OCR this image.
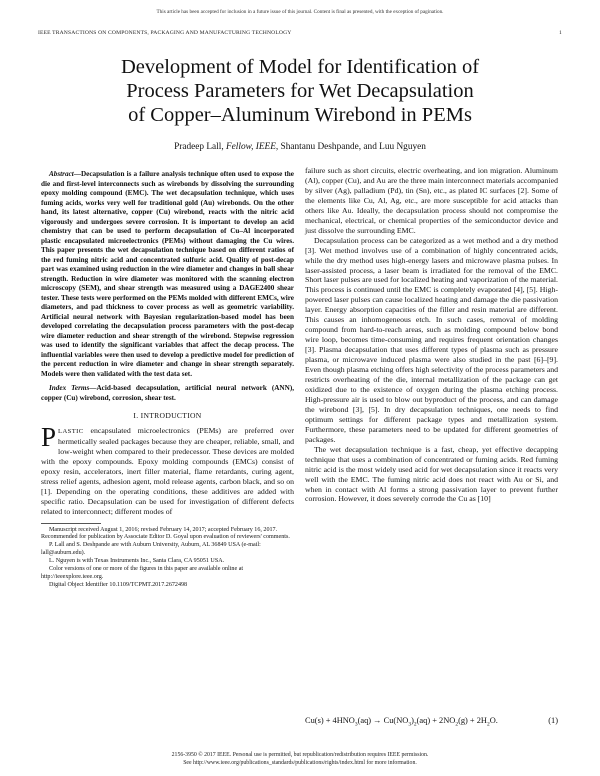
This article has been accepted for inclusion in a future issue of this journal. Content is final as presented, with the exception of pagination.
IEEE TRANSACTIONS ON COMPONENTS, PACKAGING AND MANUFACTURING TECHNOLOGY	1
Development of Model for Identification of
Process Parameters for Wet Decapsulation
of Copper–Aluminum Wirebond in PEMs
Pradeep Lall, Fellow, IEEE, Shantanu Deshpande, and Luu Nguyen

Abstract—Decapsulation is a failure analysis technique often used to expose the die and first-level interconnects such as wirebonds by dissolving the surrounding epoxy molding compound (EMC). The wet decapsulation technique, which uses fuming acids, works very well for traditional gold (Au) wirebonds. On the other hand, its latest alternative, copper (Cu) wirebond, reacts with the nitric acid vigorously and undergoes severe corrosion. It is important to develop an acid chemistry that can be used to perform decapsulation of Cu–Al incorporated plastic encapsulated microelectronics (PEMs) without damaging the Cu wires. This paper presents the wet decapsulation technique based on different ratios of the red fuming nitric acid and concentrated sulfuric acid. Quality of post-decap part was examined using reduction in the wire diameter and changes in ball shear strength. Reduction in wire diameter was monitored with the scanning electron microscopy (SEM), and shear strength was measured using a DAGE2400 shear tester. These tests were performed on the PEMs molded with different EMCs, wire diameters, and pad thickness to cover process as well as geometric variability. Artificial neural network with Bayesian regularization-based model has been developed correlating the decapsulation process parameters with the post-decap wire diameter reduction and shear strength of the wirebond. Stepwise regression was used to identify the significant variables that affect the decap process. The influential variables were then used to develop a predictive model for prediction of the percent reduction in wire diameter and change in shear strength separately. Models were then validated with the test data set.

Index Terms—Acid-based decapsulation, artificial neural network (ANN), copper (Cu) wirebond, corrosion, shear test.

I. INTRODUCTION

PLASTIC encapsulated microelectronics (PEMs) are preferred over hermetically sealed packages because they are cheaper, reliable, small, and low-weight when compared to their predecessor. These devices are molded with the epoxy compounds. Epoxy molding compounds (EMCs) consist of epoxy resin, accelerators, inert filler material, flame retardants, curing agent, stress relief agents, adhesion agent, mold release agents, carbon black, and so on [1]. Depending on the operating conditions, these additives are added with specific ratio. Decapsulation can be used for investigation of different defects related to interconnect; different modes of

Manuscript received August 1, 2016; revised February 14, 2017; accepted February 16, 2017. Recommended for publication by Associate Editor D. Goyal upon evaluation of reviewers' comments.

P. Lall and S. Deshpande are with Auburn University, Auburn, AL 36849 USA (e-mail: lall@auburn.edu).

L. Nguyen is with Texas Instruments Inc., Santa Clara, CA 95051 USA.

Color versions of one or more of the figures in this paper are available online at http://ieeexplore.ieee.org.

Digital Object Identifier 10.1109/TCPMT.2017.2672498

failure such as short circuits, electric overheating, and ion migration. Aluminum (Al), copper (Cu), and Au are the three main interconnect materials accompanied by silver (Ag), palladium (Pd), tin (Sn), etc., as plated IC surfaces [2]. Some of the elements like Cu, Al, Ag, etc., are more susceptible for acid attacks than others like Au. Ideally, the decapsulation process should not compromise the mechanical, electrical, or chemical properties of the semiconductor device and just dissolve the surrounding EMC.

Decapsulation process can be categorized as a wet method and a dry method [3]. Wet method involves use of a combination of highly concentrated acids, while the dry method uses high-energy lasers and microwave plasma pulses. In laser-assisted process, a laser beam is irradiated for the removal of the EMC. Short laser pulses are used for localized heating and vaporization of the material. This process is continued until the EMC is completely evaporated [4], [5]. High-powered laser pulses can cause localized heating and damage the die passivation layer. Energy absorption capacities of the filler and resin material are different. This causes an inhomogeneous etch. In such cases, removal of molding compound from hard-to-reach areas, such as molding compound below bond wire loop, becomes time-consuming and requires frequent orientation changes [3]. Plasma decapsulation that uses different types of plasma such as pressure plasma, or microwave induced plasma were also studied in the past [6]–[9]. Even though plasma etching offers high selectivity of the process parameters and restricts overheating of the die, internal metallization of the package can get oxidized due to the existence of oxygen during the plasma etching process. High-pressure air is used to blow out byproduct of the process, and can damage the wirebond [3], [5]. In dry decapsulation techniques, one needs to find optimum settings for different package types and metallization system. Furthermore, these parameters need to be updated for different geometries of packages.

The wet decapsulation technique is a fast, cheap, yet effective decapping technique that uses a combination of concentrated or fuming acids. Red fuming nitric acid is the most widely used acid for wet decapsulation since it reacts very well with the EMC. The fuming nitric acid does not react with Au or Si, and when in contact with Al forms a strong passivation layer to prevent further corrosion. However, it does severely corrode the Cu as [10]

$Cu(s) + 4HNO_3(aq) \to Cu(NO_3)_2(aq) + 2NO_2(g) + 2H_2O$.	(1)
2156-3950 © 2017 IEEE. Personal use is permitted, but republication/redistribution requires IEEE permission.
See http://www.ieee.org/publications_standards/publications/rights/index.html for more information.
